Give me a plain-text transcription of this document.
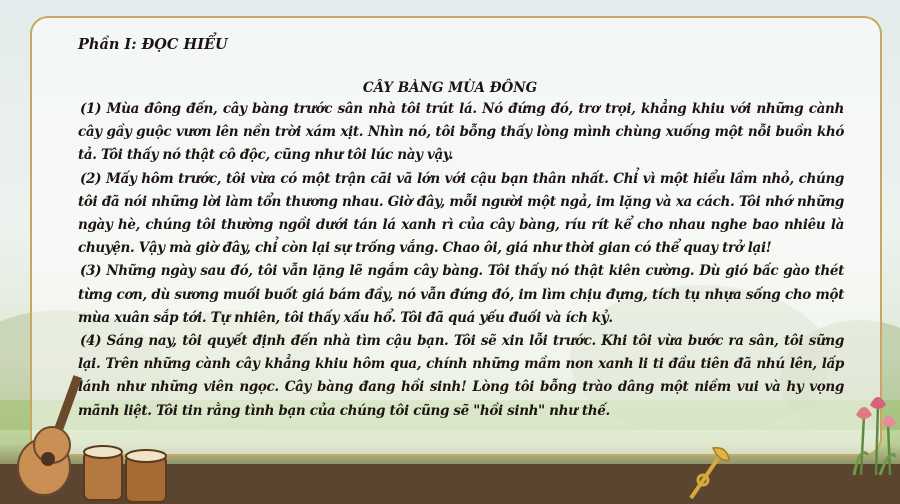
Phần I: ĐỌC HIỂU
CÂY BÀNG MÙA ĐÔNG

(1) Mùa đông đến, cây bàng trước sân nhà tôi trút lá. Nó đứng đó, trơ trọi, khẳng khiu với những cành cây gầy guộc vươn lên nền trời xám xịt. Nhìn nó, tôi bỗng thấy lòng mình chùng xuống một nỗi buồn khó tả. Tôi thấy nó thật cô độc, cũng như tôi lúc này vậy.

(2) Mấy hôm trước, tôi vừa có một trận cãi vã lớn với cậu bạn thân nhất. Chỉ vì một hiểu lầm nhỏ, chúng tôi đã nói những lời làm tổn thương nhau. Giờ đây, mỗi người một ngả, im lặng và xa cách. Tôi nhớ những ngày hè, chúng tôi thường ngồi dưới tán lá xanh rì của cây bàng, ríu rít kể cho nhau nghe bao nhiêu là chuyện. Vậy mà giờ đây, chỉ còn lại sự trống vắng. Chao ôi, giá như thời gian có thể quay trở lại!

(3) Những ngày sau đó, tôi vẫn lặng lẽ ngắm cây bàng. Tôi thấy nó thật kiên cường. Dù gió bấc gào thét từng cơn, dù sương muối buốt giá bám đầy, nó vẫn đứng đó, im lìm chịu đựng, tích tụ nhựa sống cho một mùa xuân sắp tới. Tự nhiên, tôi thấy xấu hổ. Tôi đã quá yếu đuối và ích kỷ.

(4) Sáng nay, tôi quyết định đến nhà tìm cậu bạn. Tôi sẽ xin lỗi trước. Khi tôi vừa bước ra sân, tôi sững lại. Trên những cành cây khẳng khiu hôm qua, chính những mầm non xanh li ti đầu tiên đã nhú lên, lấp lánh như những viên ngọc. Cây bàng đang hồi sinh! Lòng tôi bỗng trào dâng một niềm vui và hy vọng mãnh liệt. Tôi tin rằng tình bạn của chúng tôi cũng sẽ "hồi sinh" như thế.
